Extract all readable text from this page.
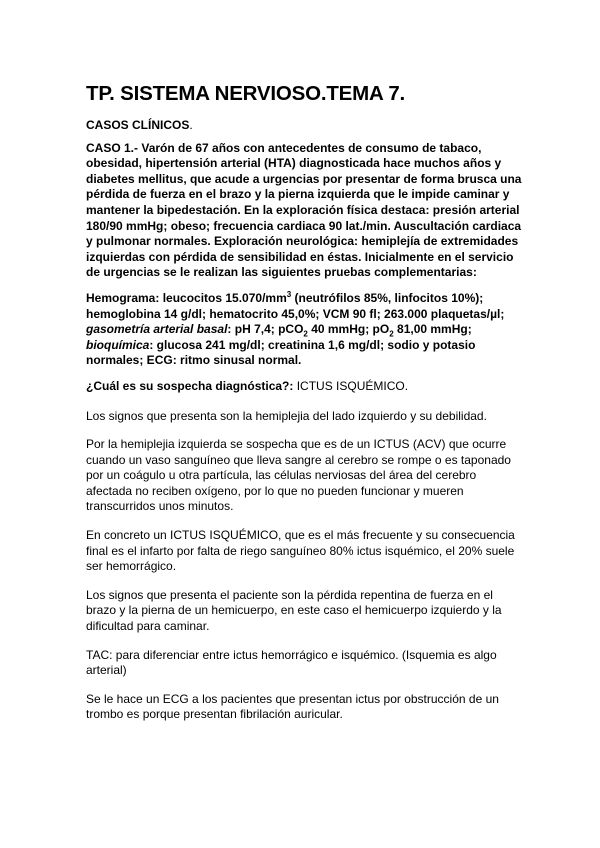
TP. SISTEMA NERVIOSO.TEMA 7.

CASOS CLÍNICOS.

CASO 1.- Varón de 67 años con antecedentes de consumo de tabaco, obesidad, hipertensión arterial (HTA) diagnosticada hace muchos años y diabetes mellitus, que acude a urgencias por presentar de forma brusca una pérdida de fuerza en el brazo y la pierna izquierda que le impide caminar y mantener la bipedestación. En la exploración física destaca: presión arterial 180/90 mmHg; obeso; frecuencia cardiaca 90 lat./min. Auscultación cardiaca y pulmonar normales. Exploración neurológica: hemiplejía de extremidades izquierdas con pérdida de sensibilidad en éstas. Inicialmente en el servicio de urgencias se le realizan las siguientes pruebas complementarias:

Hemograma: leucocitos $15.070/mm^3$ (neutrófilos 85%, linfocitos 10%); hemoglobina 14 g/dl; hematocrito 45,0%; VCM 90 fl; 263.000 plaquetas/µl; gasometría arterial basal: pH 7,4; pCO$_2$ 40 mmHg; $pO_2$ 81,00 mmHg; bioquímica: glucosa 241 mg/dl; creatinina 1,6 mg/dl; sodio y potasio normales; ECG: ritmo sinusal normal.

¿Cuál es su sospecha diagnóstica?: ICTUS ISQUÉMICO.

Los signos que presenta son la hemiplejia del lado izquierdo y su debilidad.

Por la hemiplejia izquierda se sospecha que es de un ICTUS (ACV) que ocurre cuando un vaso sanguíneo que lleva sangre al cerebro se rompe o es taponado por un coágulo u otra partícula, las células nerviosas del área del cerebro afectada no reciben oxígeno, por lo que no pueden funcionar y mueren transcurridos unos minutos.

En concreto un ICTUS ISQUÉMICO, que es el más frecuente y su consecuencia final es el infarto por falta de riego sanguíneo 80% ictus isquémico, el 20% suele ser hemorrágico.

Los signos que presenta el paciente son la pérdida repentina de fuerza en el brazo y la pierna de un hemicuerpo, en este caso el hemicuerpo izquierdo y la dificultad para caminar.

TAC: para diferenciar entre ictus hemorrágico e isquémico. (Isquemia es algo arterial)

Se le hace un ECG a los pacientes que presentan ictus por obstrucción de un trombo es porque presentan fibrilación auricular.
